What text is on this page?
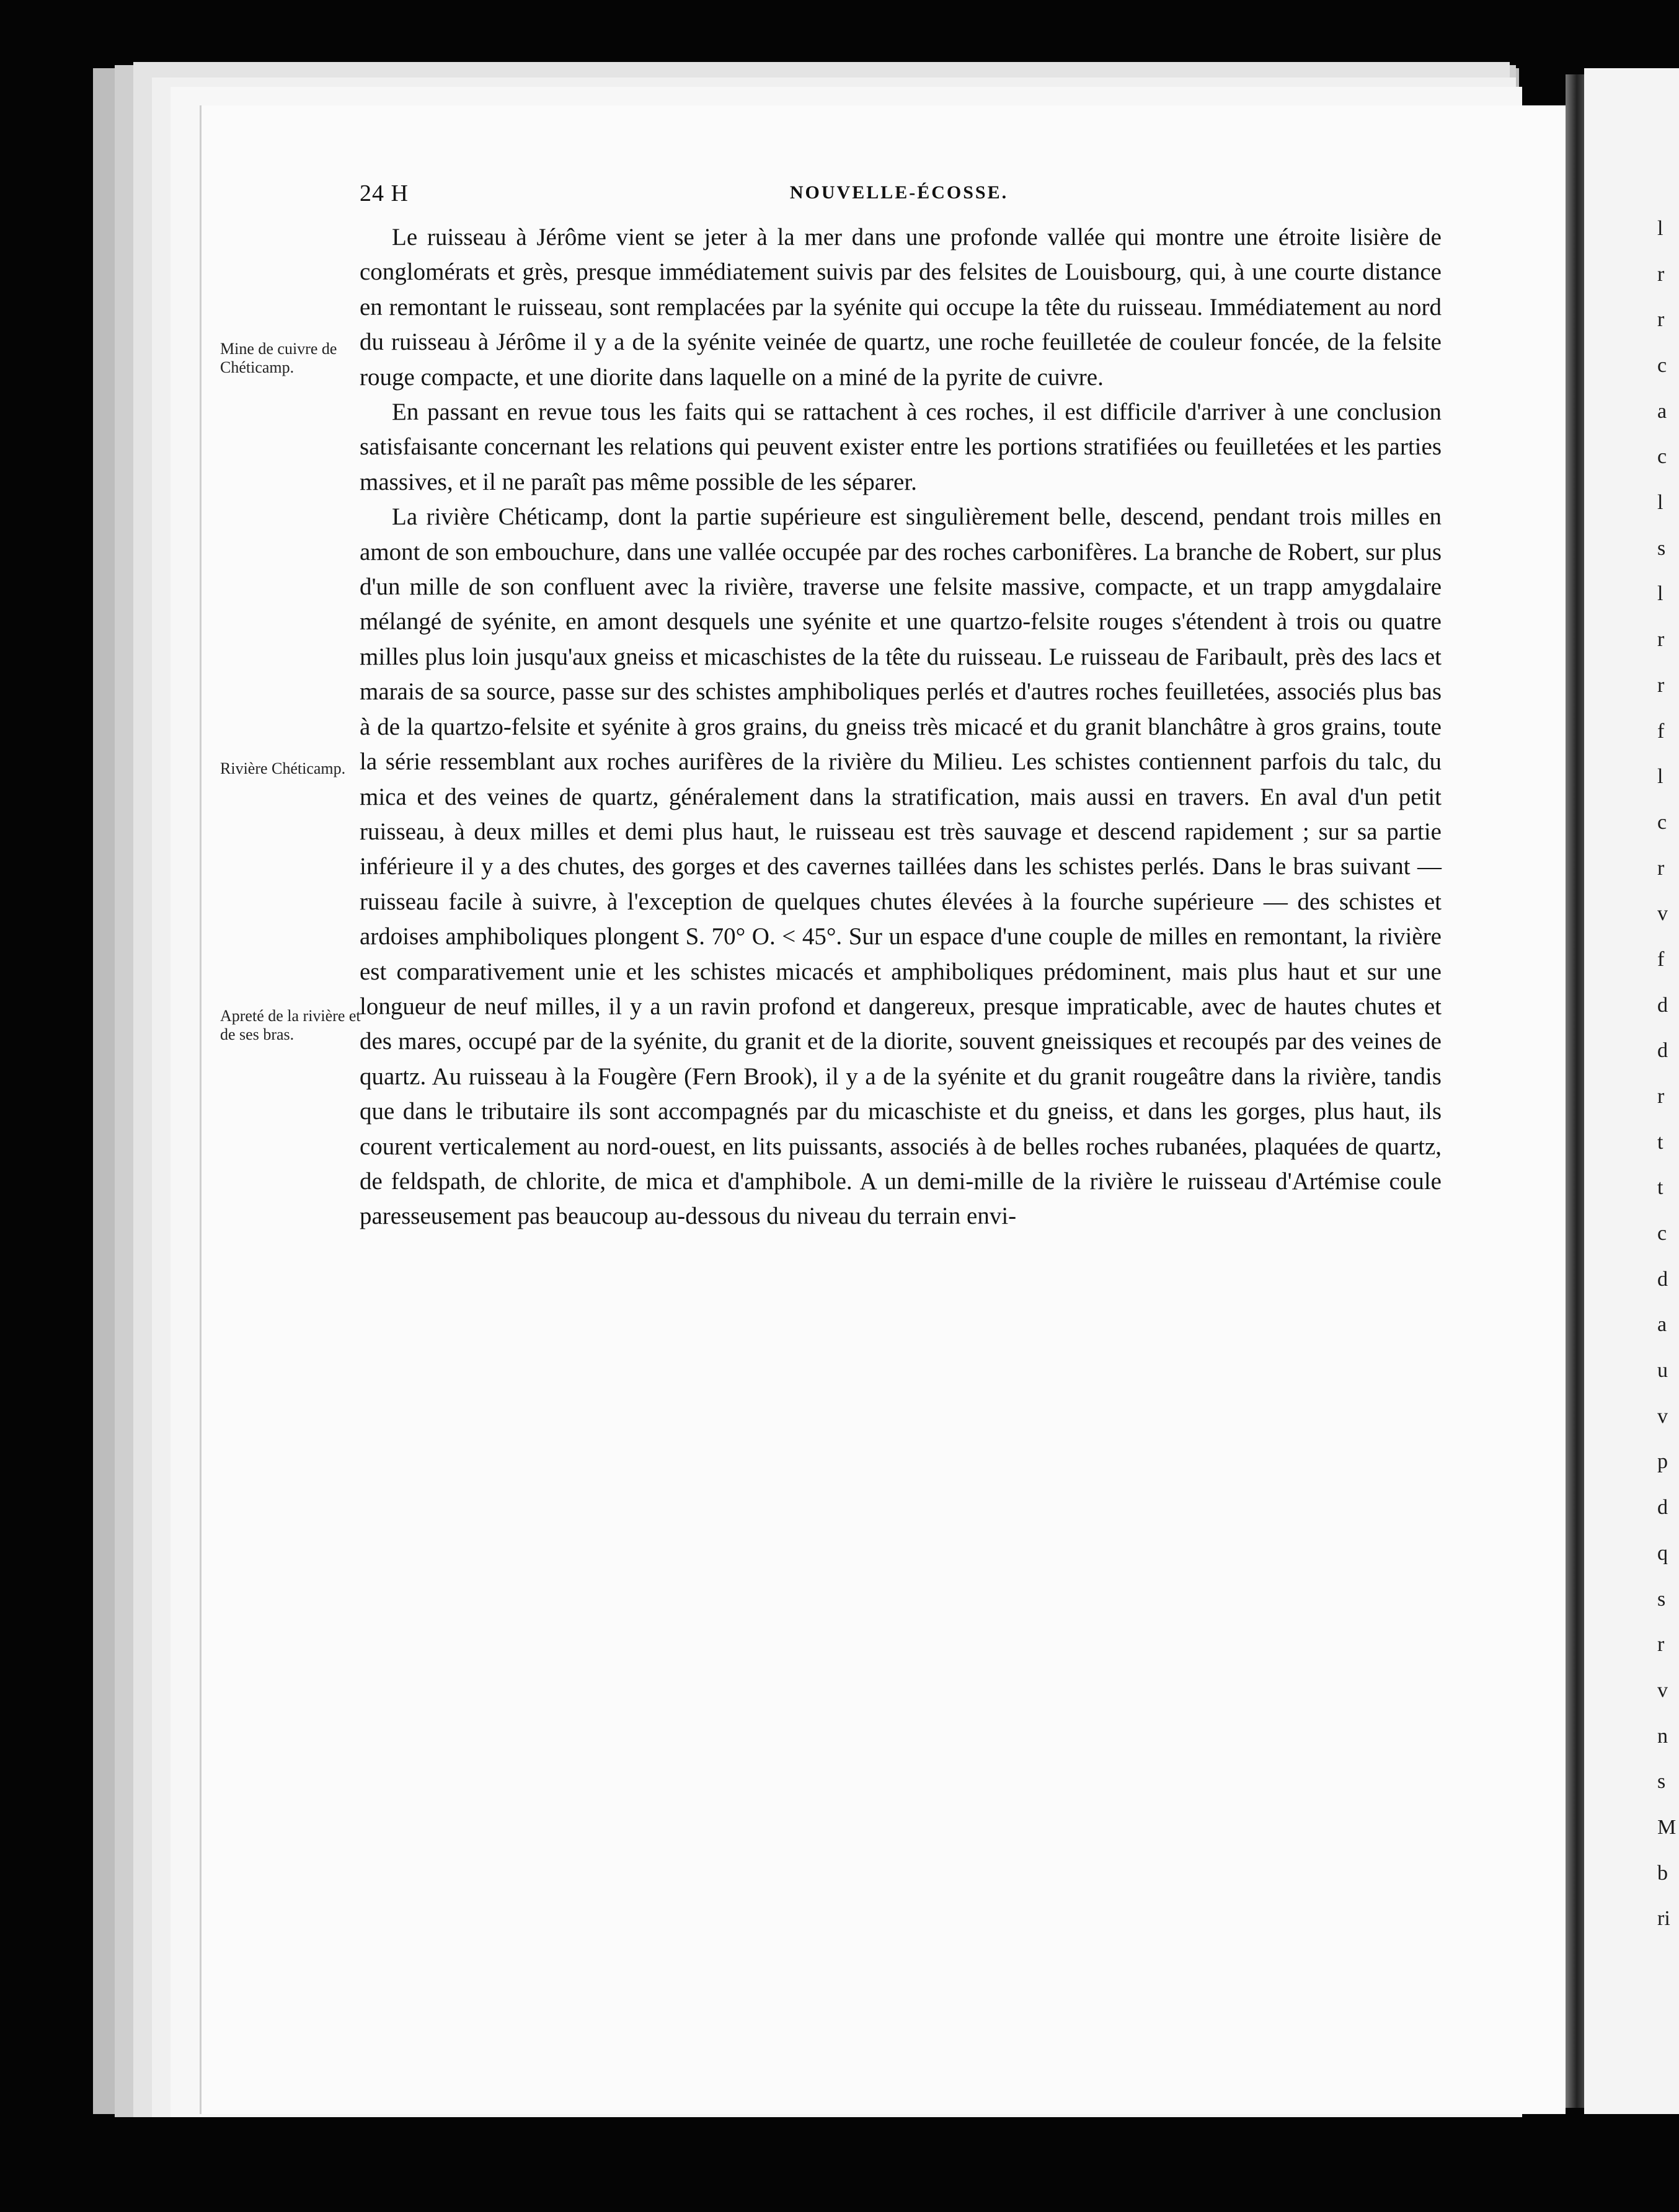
l
r
r
c
a
c
l
s
l
r
r
f
l
c
r
v
f
d
d
r
t
t
c
d
a
u
v
p
d
q
s
r
v
n
s
M
b
ri
24 H	NOUVELLE-ÉCOSSE.
Mine de cuivre de Chéticamp.
Rivière Chéticamp.
Apreté de la rivière et de ses bras.

Le ruisseau à Jérôme vient se jeter à la mer dans une profonde vallée qui montre une étroite lisière de conglomérats et grès, presque immédiatement suivis par des felsites de Louisbourg, qui, à une courte distance en remontant le ruisseau, sont remplacées par la syénite qui occupe la tête du ruisseau. Immédiatement au nord du ruisseau à Jérôme il y a de la syénite veinée de quartz, une roche feuilletée de couleur foncée, de la felsite rouge compacte, et une diorite dans laquelle on a miné de la pyrite de cuivre.

En passant en revue tous les faits qui se rattachent à ces roches, il est difficile d'arriver à une conclusion satisfaisante concernant les relations qui peuvent exister entre les portions stratifiées ou feuilletées et les parties massives, et il ne paraît pas même possible de les séparer.

La rivière Chéticamp, dont la partie supérieure est singulièrement belle, descend, pendant trois milles en amont de son embouchure, dans une vallée occupée par des roches carbonifères. La branche de Robert, sur plus d'un mille de son confluent avec la rivière, traverse une felsite massive, compacte, et un trapp amygdalaire mélangé de syénite, en amont desquels une syénite et une quartzo-felsite rouges s'étendent à trois ou quatre milles plus loin jusqu'aux gneiss et micaschistes de la tête du ruisseau. Le ruisseau de Faribault, près des lacs et marais de sa source, passe sur des schistes amphiboliques perlés et d'autres roches feuilletées, associés plus bas à de la quartzo-felsite et syénite à gros grains, du gneiss très micacé et du granit blanchâtre à gros grains, toute la série ressemblant aux roches aurifères de la rivière du Milieu. Les schistes contiennent parfois du talc, du mica et des veines de quartz, généralement dans la stratification, mais aussi en travers. En aval d'un petit ruisseau, à deux milles et demi plus haut, le ruisseau est très sauvage et descend rapidement ; sur sa partie inférieure il y a des chutes, des gorges et des cavernes taillées dans les schistes perlés. Dans le bras suivant — ruisseau facile à suivre, à l'exception de quelques chutes élevées à la fourche supérieure — des schistes et ardoises amphiboliques plongent S. 70° O. < 45°. Sur un espace d'une couple de milles en remontant, la rivière est comparativement unie et les schistes micacés et amphiboliques prédominent, mais plus haut et sur une longueur de neuf milles, il y a un ravin profond et dangereux, presque impraticable, avec de hautes chutes et des mares, occupé par de la syénite, du granit et de la diorite, souvent gneissiques et recoupés par des veines de quartz. Au ruisseau à la Fougère (Fern Brook), il y a de la syénite et du granit rougeâtre dans la rivière, tandis que dans le tributaire ils sont accompagnés par du micaschiste et du gneiss, et dans les gorges, plus haut, ils courent verticalement au nord-ouest, en lits puissants, associés à de belles roches rubanées, plaquées de quartz, de feldspath, de chlorite, de mica et d'amphibole. A un demi-mille de la rivière le ruisseau d'Artémise coule paresseusement pas beaucoup au-dessous du niveau du terrain envi-
